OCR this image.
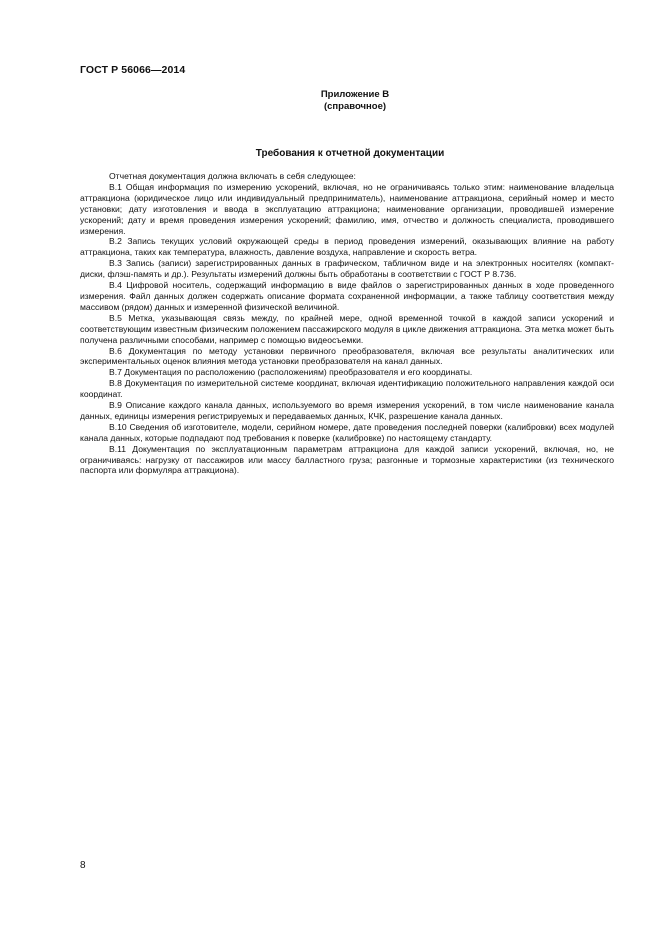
ГОСТ Р 56066—2014
Приложение В
(справочное)
Требования к отчетной документации

Отчетная документация должна включать в себя следующее:

В.1 Общая информация по измерению ускорений, включая, но не ограничиваясь только этим: наименование владельца аттракциона (юридическое лицо или индивидуальный предприниматель), наименование аттракциона, серийный номер и место установки; дату изготовления и ввода в эксплуатацию аттракциона; наименование организации, проводившей измерение ускорений; дату и время проведения измерения ускорений; фамилию, имя, отчество и должность специалиста, проводившего измерения.

В.2 Запись текущих условий окружающей среды в период проведения измерений, оказывающих влияние на работу аттракциона, таких как температура, влажность, давление воздуха, направление и скорость ветра.

В.3 Запись (записи) зарегистрированных данных в графическом, табличном виде и на электронных носителях (компакт-диски, флэш-память и др.). Результаты измерений должны быть обработаны в соответствии с ГОСТ Р 8.736.

В.4 Цифровой носитель, содержащий информацию в виде файлов о зарегистрированных данных в ходе проведенного измерения. Файл данных должен содержать описание формата сохраненной информации, а также таблицу соответствия между массивом (рядом) данных и измеренной физической величиной.

В.5 Метка, указывающая связь между, по крайней мере, одной временной точкой в каждой записи ускорений и соответствующим известным физическим положением пассажирского модуля в цикле движения аттракциона. Эта метка может быть получена различными способами, например с помощью видеосъемки.

В.6 Документация по методу установки первичного преобразователя, включая все результаты аналитических или экспериментальных оценок влияния метода установки преобразователя на канал данных.

В.7 Документация по расположению (расположениям) преобразователя и его координаты.

В.8 Документация по измерительной системе координат, включая идентификацию положительного направления каждой оси координат.

В.9 Описание каждого канала данных, используемого во время измерения ускорений, в том числе наименование канала данных, единицы измерения регистрируемых и передаваемых данных, КЧК, разрешение канала данных.

В.10 Сведения об изготовителе, модели, серийном номере, дате проведения последней поверки (калибровки) всех модулей канала данных, которые подпадают под требования к поверке (калибровке) по настоящему стандарту.

В.11 Документация по эксплуатационным параметрам аттракциона для каждой записи ускорений, включая, но, не ограничиваясь: нагрузку от пассажиров или массу балластного груза; разгонные и тормозные характеристики (из технического паспорта или формуляра аттракциона).

8
